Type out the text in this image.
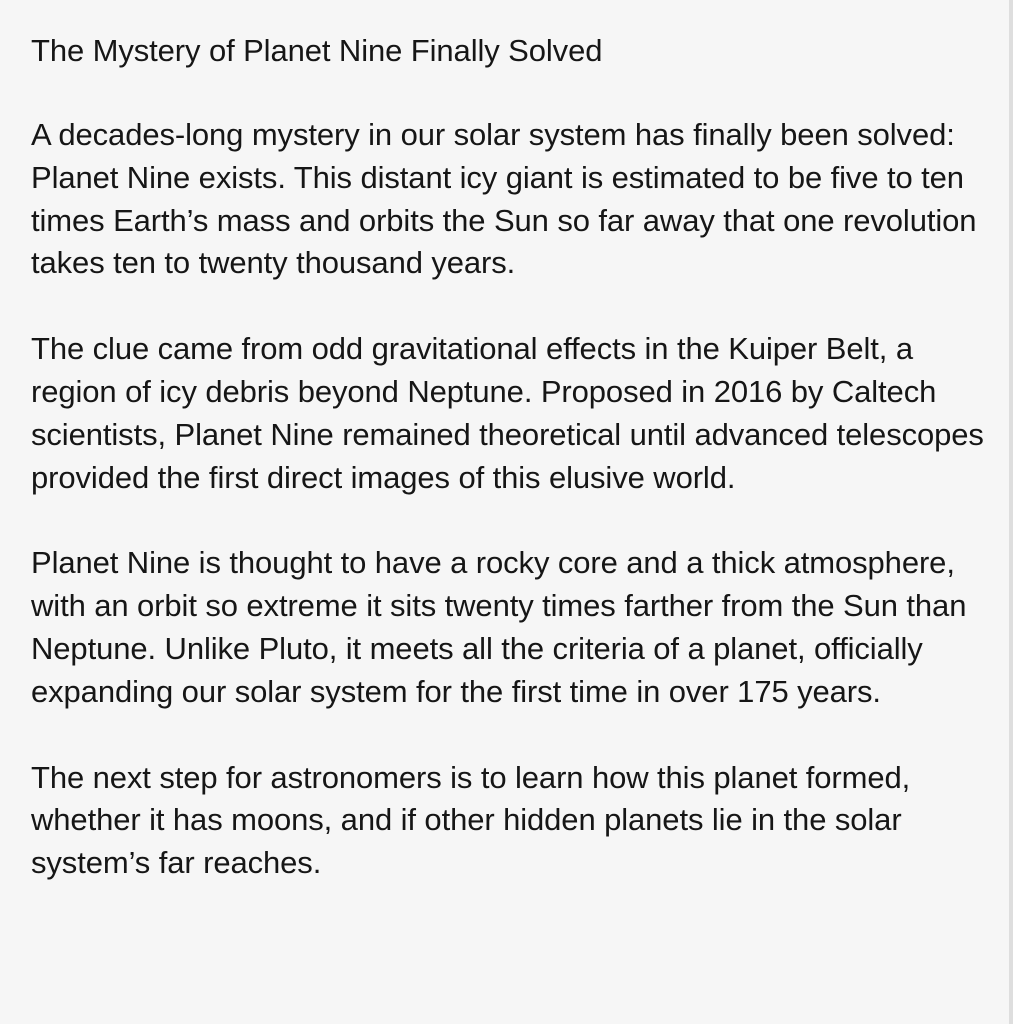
The Mystery of Planet Nine Finally Solved

A decades-long mystery in our solar system has finally been solved: Planet Nine exists. This distant icy giant is estimated to be five to ten times Earth’s mass and orbits the Sun so far away that one revolution takes ten to twenty thousand years.

The clue came from odd gravitational effects in the Kuiper Belt, a region of icy debris beyond Neptune. Proposed in 2016 by Caltech scientists, Planet Nine remained theoretical until advanced telescopes provided the first direct images of this elusive world.

Planet Nine is thought to have a rocky core and a thick atmosphere, with an orbit so extreme it sits twenty times farther from the Sun than Neptune. Unlike Pluto, it meets all the criteria of a planet, officially expanding our solar system for the first time in over 175 years.

The next step for astronomers is to learn how this planet formed, whether it has moons, and if other hidden planets lie in the solar system’s far reaches.
